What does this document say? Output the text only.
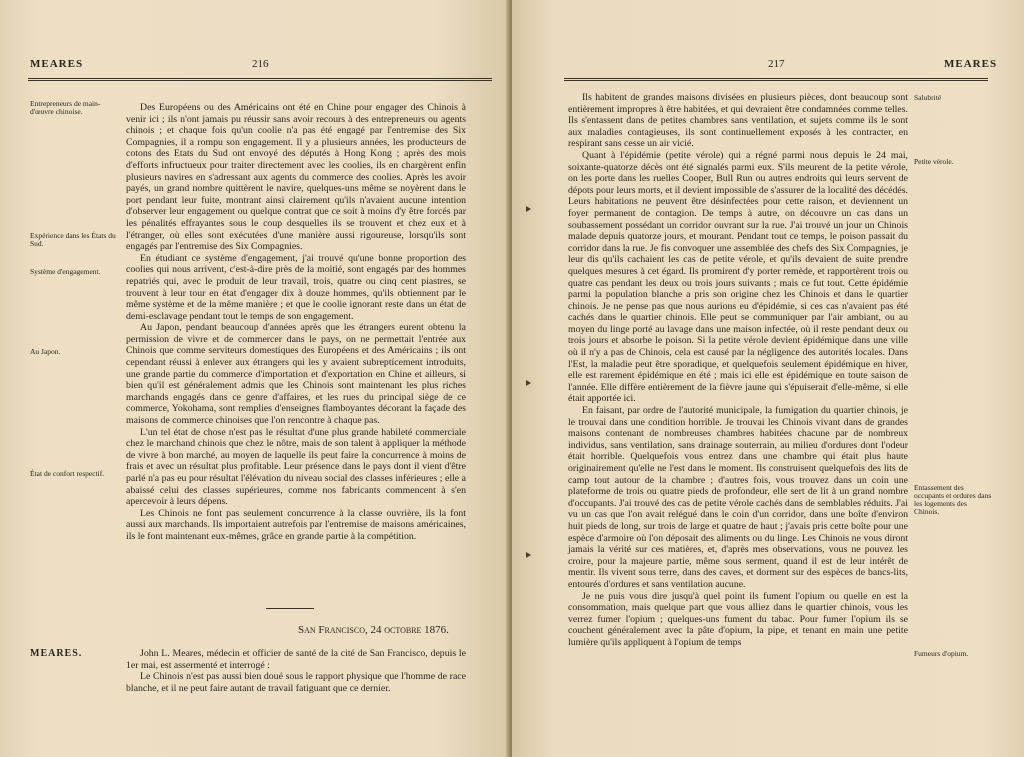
MEARES	216
Entrepreneurs de main-d'œuvre chinoise.
Expérience dans les États du Sud.
Système d'engagement.
Au Japon.
État de confort respectif.

Des Européens ou des Américains ont été en Chine pour engager des Chinois à venir ici ; ils n'ont jamais pu réussir sans avoir recours à des entrepreneurs ou agents chinois ; et chaque fois qu'un coolie n'a pas été engagé par l'entremise des Six Compagnies, il a rompu son engagement. Il y a plusieurs années, les producteurs de cotons des Etats du Sud ont envoyé des députés à Hong Kong ; après des mois d'efforts infructueux pour traiter directement avec les coolies, ils en chargèrent enfin plusieurs navires en s'adressant aux agents du commerce des coolies. Après les avoir payés, un grand nombre quittèrent le navire, quelques-uns même se noyèrent dans le port pendant leur fuite, montrant ainsi clairement qu'ils n'avaient aucune intention d'observer leur engagement ou quelque contrat que ce soit à moins d'y être forcés par les pénalités effrayantes sous le coup desquelles ils se trouvent et chez eux et à l'étranger, où elles sont exécutées d'une manière aussi rigoureuse, lorsqu'ils sont engagés par l'entremise des Six Compagnies.

En étudiant ce système d'engagement, j'ai trouvé qu'une bonne proportion des coolies qui nous arrivent, c'est-à-dire près de la moitié, sont engagés par des hommes repatriés qui, avec le produit de leur travail, trois, quatre ou cinq cent piastres, se trouvent à leur tour en état d'engager dix à douze hommes, qu'ils obtiennent par le même système et de la même manière ; et que le coolie ignorant reste dans un état de demi-esclavage pendant tout le temps de son engagement.

Au Japon, pendant beaucoup d'années après que les étrangers eurent obtenu la permission de vivre et de commercer dans le pays, on ne permettait l'entrée aux Chinois que comme serviteurs domestiques des Européens et des Américains ; ils ont cependant réussi à enlever aux étrangers qui les y avaient subreptícement introduits, une grande partie du commerce d'importation et d'exportation en Chine et ailleurs, si bien qu'il est généralement admis que les Chinois sont maintenant les plus riches marchands engagés dans ce genre d'affaires, et les rues du principal siège de ce commerce, Yokohama, sont remplies d'enseignes flamboyantes décorant la façade des maisons de commerce chinoises que l'on rencontre à chaque pas.

L'un tel état de chose n'est pas le résultat d'une plus grande habileté commerciale chez le marchand chinois que chez le nôtre, mais de son talent à appliquer la méthode de vivre à bon marché, au moyen de laquelle ils peut faire la concurrence à moins de frais et avec un résultat plus profitable. Leur présence dans le pays dont il vient d'être parlé n'a pas eu pour résultat l'élévation du niveau social des classes inférieures ; elle a abaissé celui des classes supérieures, comme nos fabricants commencent à s'en apercevoir à leurs dépens.

Les Chinois ne font pas seulement concurrence à la classe ouvrière, ils la font aussi aux marchands. Ils importaient autrefois par l'entremise de maisons américaines, ils le font maintenant eux-mêmes, grâce en grande partie à la compétition.

San Francisco, 24 octobre 1876.
MEARES.	John L. Meares, médecin et officier de santé de la cité de San Francisco, depuis le 1er mai, est assermenté et interrogé :

Le Chinois n'est pas aussi bien doué sous le rapport physique que l'homme de race blanche, et il ne peut faire autant de travail fatiguant que ce dernier.

217	MEARES

Ils habitent de grandes maisons divisées en plusieurs pièces, dont beaucoup sont entièrement impropres à être habitées, et qui devraient être condamnées comme telles. Ils s'entassent dans de petites chambres sans ventilation, et sujets comme ils le sont aux maladies contagieuses, ils sont continuellement exposés à les contracter, en respirant sans cesse un air vicié.

Quant à l'épidémie (petite vérole) qui a régné parmi nous depuis le 24 mai, soixante-quatorze décès ont été signalés parmi eux. S'ils meurent de la petite vérole, on les porte dans les ruelles Cooper, Bull Run ou autres endroits qui leurs servent de dépots pour leurs morts, et il devient impossible de s'assurer de la localité des décédés. Leurs habitations ne peuvent être désinfectées pour cette raison, et deviennent un foyer permanent de contagion. De temps à autre, on découvre un cas dans un soubassement possédant un corridor ouvrant sur la rue. J'ai trouvé un jour un Chinois malade depuis quatorze jours, et mourant. Pendant tout ce temps, le poison passait du corridor dans la rue. Je fis convoquer une assemblée des chefs des Six Compagnies, je leur dis qu'ils cachaient les cas de petite vérole, et qu'ils devaient de suite prendre quelques mesures à cet égard. Ils promirent d'y porter remède, et rapportèrent trois ou quatre cas pendant les deux ou trois jours suivants ; mais ce fut tout. Cette épidémie parmi la population blanche a pris son origine chez les Chinois et dans le quartier chinois. Je ne pense pas que nous aurions eu d'épidémie, si ces cas n'avaient pas été cachés dans le quartier chinois. Elle peut se communiquer par l'air ambiant, ou au moyen du linge porté au lavage dans une maison infectée, où il reste pendant deux ou trois jours et absorbe le poison. Si la petite vérole devient épidémique dans une ville où il n'y a pas de Chinois, cela est causé par la négligence des autorités locales. Dans l'Est, la maladie peut être sporadique, et quelquefois seulement épidémique en hiver, elle est rarement épidémique en été ; mais ici elle est épidémique en toute saison de l'année. Elle diffère entièrement de la fièvre jaune qui s'épuiserait d'elle-même, si elle était apportée ici.

En faisant, par ordre de l'autorité municipale, la fumigation du quartier chinois, je le trouvai dans une condition horrible. Je trouvai les Chinois vivant dans de grandes maisons contenant de nombreuses chambres habitées chacune par de nombreux individus, sans ventilation, sans drainage souterrain, au milieu d'ordures dont l'odeur était horrible. Quelquefois vous entrez dans une chambre qui était plus haute originairement qu'elle ne l'est dans le moment. Ils construisent quelquefois des lits de camp tout autour de la chambre ; d'autres fois, vous trouvez dans un coin une plateforme de trois ou quatre pieds de profondeur, elle sert de lit à un grand nombre d'occupants. J'ai trouvé des cas de petite vérole cachés dans de semblables réduits. J'ai vu un cas que l'on avait relégué dans le coin d'un corridor, dans une boîte d'environ huit pieds de long, sur trois de large et quatre de haut ; j'avais pris cette boîte pour une espèce d'armoire où l'on déposait des aliments ou du linge. Les Chinois ne vous diront jamais la vérité sur ces matières, et, d'après mes observations, vous ne pouvez les croire, pour la majeure partie, même sous serment, quand il est de leur intérêt de mentir. Ils vivent sous terre, dans des caves, et dorment sur des espèces de bancs-lits, entourés d'ordures et sans ventilation aucune.

Je ne puis vous dire jusqu'à quel point ils fument l'opium ou quelle en est la consommation, mais quelque part que vous alliez dans le quartier chinois, vous les verrez fumer l'opium ; quelques-uns fument du tabac. Pour fumer l'opium ils se couchent généralement avec la pâte d'opium, la pipe, et tenant en main une petite lumière qu'ils appliquent à l'opium de temps

Salubrité
Petite vérole.
Entassement des occupants et ordures dans les logements des Chinois.
Fumeurs d'opium.
